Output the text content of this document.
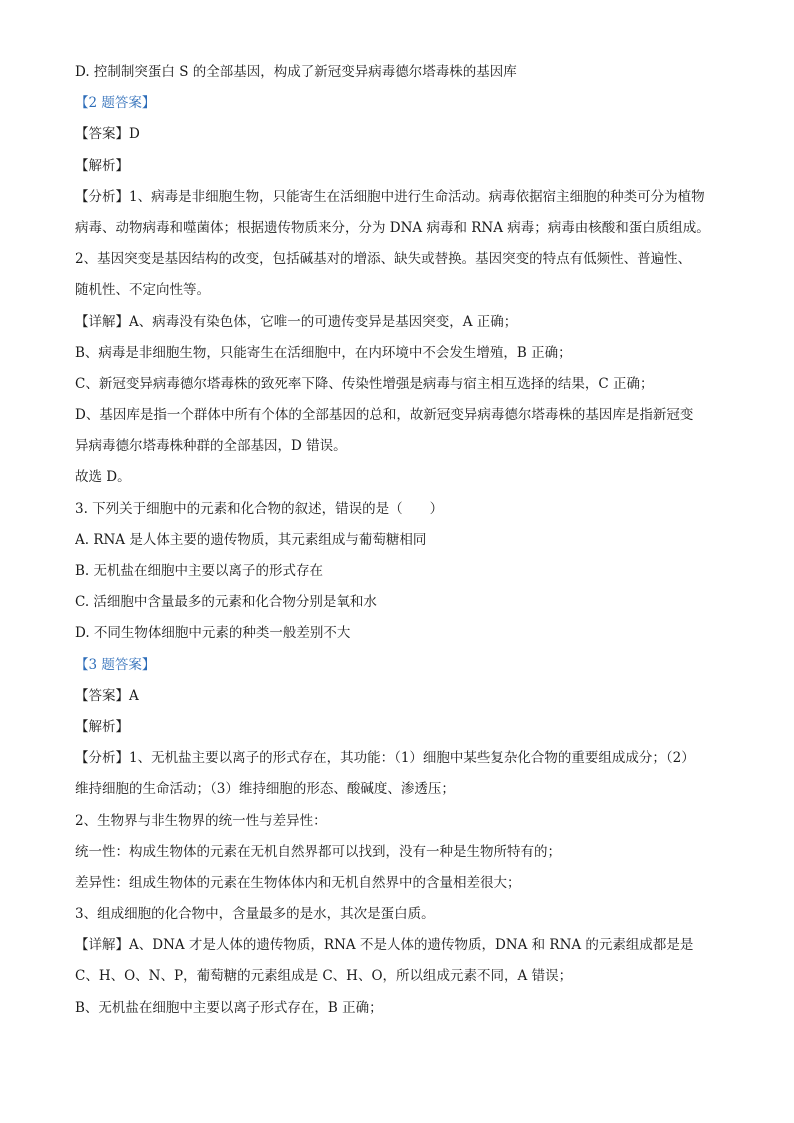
D. 控制制突蛋白 S 的全部基因，构成了新冠变异病毒德尔塔毒株的基因库
【2 题答案】
【答案】D
【解析】
【分析】1、病毒是非细胞生物，只能寄生在活细胞中进行生命活动。病毒依据宿主细胞的种类可分为植物
病毒、动物病毒和噬菌体；根据遗传物质来分，分为 DNA 病毒和 RNA 病毒；病毒由核酸和蛋白质组成。
2、基因突变是基因结构的改变，包括碱基对的增添、缺失或替换。基因突变的特点有低频性、普遍性、
随机性、不定向性等。
【详解】A、病毒没有染色体，它唯一的可遗传变异是基因突变，A 正确；
B、病毒是非细胞生物，只能寄生在活细胞中，在内环境中不会发生增殖，B 正确；
C、新冠变异病毒德尔塔毒株的致死率下降、传染性增强是病毒与宿主相互选择的结果，C 正确；
D、基因库是指一个群体中所有个体的全部基因的总和，故新冠变异病毒德尔塔毒株的基因库是指新冠变
异病毒德尔塔毒株种群的全部基因，D 错误。
故选 D。
3. 下列关于细胞中的元素和化合物的叙述，错误的是（　　）
A. RNA 是人体主要的遗传物质，其元素组成与葡萄糖相同
B. 无机盐在细胞中主要以离子的形式存在
C. 活细胞中含量最多的元素和化合物分别是氧和水
D. 不同生物体细胞中元素的种类一般差别不大
【3 题答案】
【答案】A
【解析】
【分析】1、无机盐主要以离子的形式存在，其功能：（1）细胞中某些复杂化合物的重要组成成分；（2）
维持细胞的生命活动；（3）维持细胞的形态、酸碱度、渗透压；
2、生物界与非生物界的统一性与差异性：
统一性：构成生物体的元素在无机自然界都可以找到，没有一种是生物所特有的；
差异性：组成生物体的元素在生物体体内和无机自然界中的含量相差很大；
3、组成细胞的化合物中，含量最多的是水，其次是蛋白质。
【详解】A、DNA 才是人体的遗传物质，RNA 不是人体的遗传物质，DNA 和 RNA 的元素组成都是是
C、H、O、N、P，葡萄糖的元素组成是 C、H、O，所以组成元素不同，A 错误；
B、无机盐在细胞中主要以离子形式存在，B 正确；
